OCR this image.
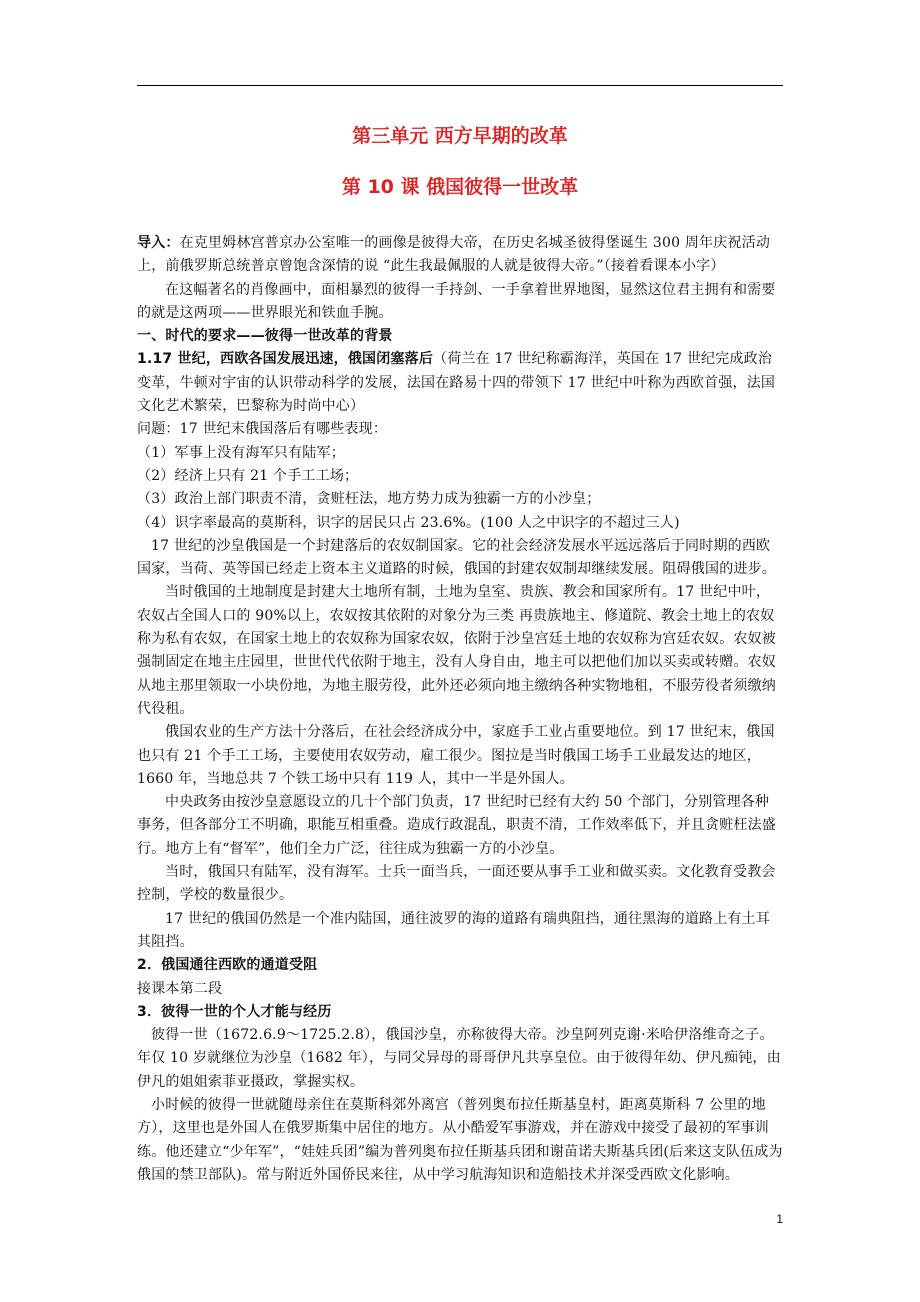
第三单元 西方早期的改革
第 10 课 俄国彼得一世改革

导入：在克里姆林宫普京办公室唯一的画像是彼得大帝，在历史名城圣彼得堡诞生 300 周年庆祝活动上，前俄罗斯总统普京曾饱含深情的说 “此生我最佩服的人就是彼得大帝。”（接着看课本小字）

在这幅著名的肖像画中，面相暴烈的彼得一手持剑、一手拿着世界地图，显然这位君主拥有和需要的就是这两项——世界眼光和铁血手腕。

一、时代的要求——彼得一世改革的背景

1.17 世纪，西欧各国发展迅速，俄国闭塞落后（荷兰在 17 世纪称霸海洋，英国在 17 世纪完成政治变革，牛顿对宇宙的认识带动科学的发展，法国在路易十四的带领下 17 世纪中叶称为西欧首强，法国文化艺术繁荣，巴黎称为时尚中心）

问题：17 世纪末俄国落后有哪些表现：

（1）军事上没有海军只有陆军；

（2）经济上只有 21 个手工工场；

（3）政治上部门职责不清，贪赃枉法，地方势力成为独霸一方的小沙皇；

（4）识字率最高的莫斯科，识字的居民只占 23.6%。(100 人之中识字的不超过三人)

17 世纪的沙皇俄国是一个封建落后的农奴制国家。它的社会经济发展水平远远落后于同时期的西欧国家，当荷、英等国已经走上资本主义道路的时候，俄国的封建农奴制却继续发展。阻碍俄国的进步。

当时俄国的土地制度是封建大土地所有制，土地为皇室、贵族、教会和国家所有。17 世纪中叶，农奴占全国人口的 90%以上，农奴按其依附的对象分为三类 再贵族地主、修道院、教会土地上的农奴称为私有农奴，在国家土地上的农奴称为国家农奴，依附于沙皇宫廷土地的农奴称为宫廷农奴。农奴被强制固定在地主庄园里，世世代代依附于地主，没有人身自由，地主可以把他们加以买卖或转赠。农奴从地主那里领取一小块份地，为地主服劳役，此外还必须向地主缴纳各种实物地租，不服劳役者须缴纳代役租。

俄国农业的生产方法十分落后，在社会经济成分中，家庭手工业占重要地位。到 17 世纪末，俄国也只有 21 个手工工场，主要使用农奴劳动，雇工很少。图拉是当时俄国工场手工业最发达的地区，1660 年，当地总共 7 个铁工场中只有 119 人，其中一半是外国人。

中央政务由按沙皇意愿设立的几十个部门负责，17 世纪时已经有大约 50 个部门，分别管理各种事务，但各部分工不明确，职能互相重叠。造成行政混乱，职责不清，工作效率低下，并且贪赃枉法盛行。地方上有“督军”，他们全力广泛，往往成为独霸一方的小沙皇。

当时，俄国只有陆军，没有海军。士兵一面当兵，一面还要从事手工业和做买卖。文化教育受教会控制，学校的数量很少。

17 世纪的俄国仍然是一个准内陆国，通往波罗的海的道路有瑞典阻挡，通往黑海的道路上有土耳其阻挡。

2．俄国通往西欧的通道受阻

接课本第二段

3．彼得一世的个人才能与经历

彼得一世（1672.6.9～1725.2.8），俄国沙皇，亦称彼得大帝。沙皇阿列克谢·米哈伊洛维奇之子。年仅 10 岁就继位为沙皇（1682 年），与同父异母的哥哥伊凡共享皇位。由于彼得年幼、伊凡痴钝，由伊凡的姐姐索菲亚摄政，掌握实权。

小时候的彼得一世就随母亲住在莫斯科郊外离宫（普列奥布拉任斯基皇村，距离莫斯科 7 公里的地方），这里也是外国人在俄罗斯集中居住的地方。从小酷爱军事游戏，并在游戏中接受了最初的军事训练。他还建立“少年军”，“娃娃兵团”编为普列奥布拉任斯基兵团和谢苗诺夫斯基兵团(后来这支队伍成为俄国的禁卫部队)。常与附近外国侨民来往，从中学习航海知识和造船技术并深受西欧文化影响。

1
